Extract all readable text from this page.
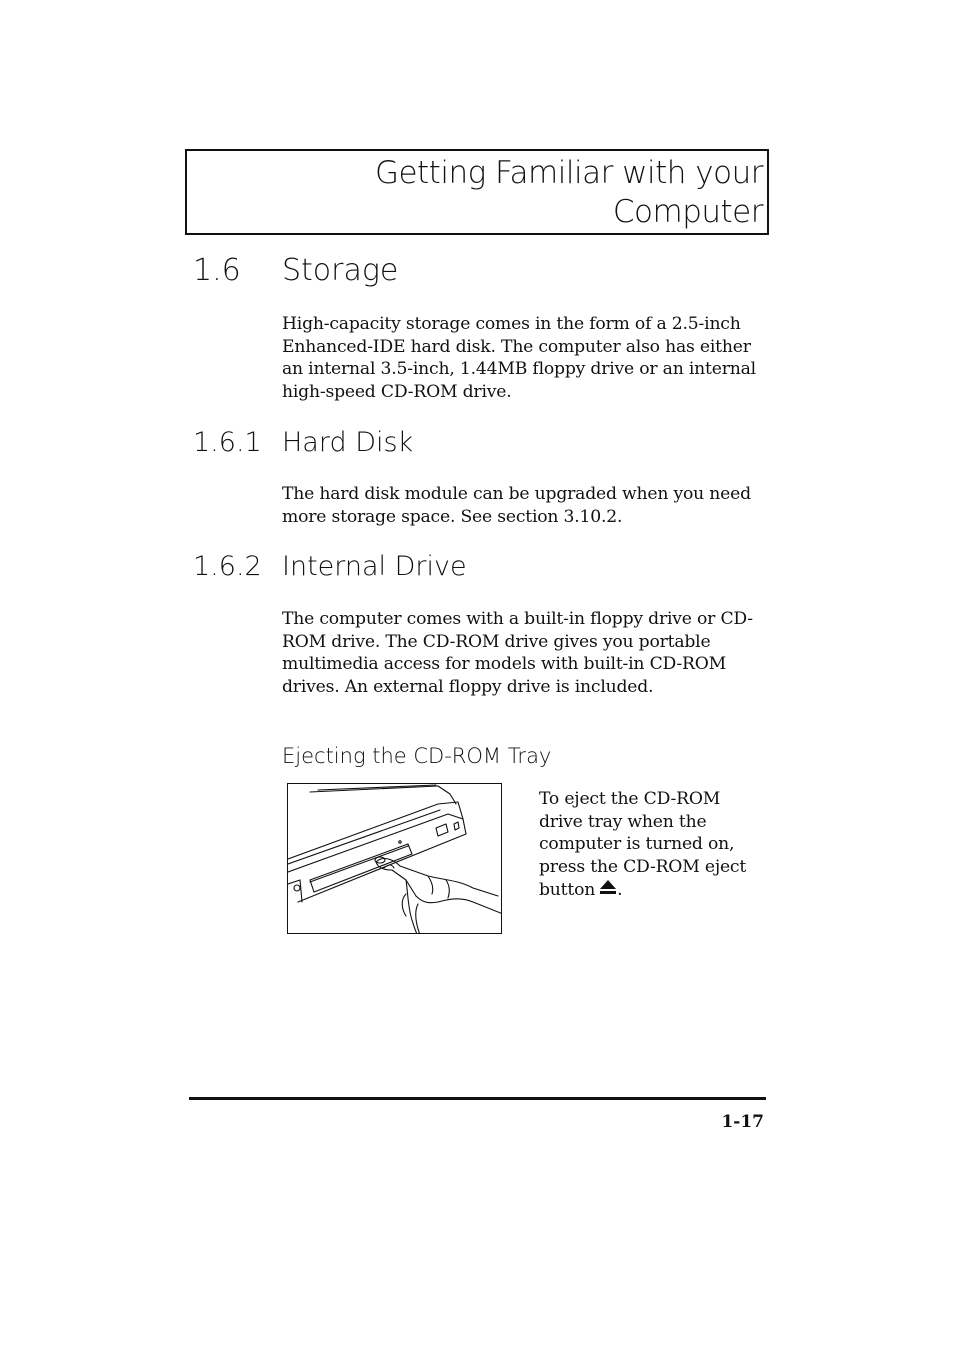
Getting Familiar with your
Computer
1.6 Storage
High-capacity storage comes in the form of a 2.5-inch Enhanced-IDE hard disk. The computer also has either an internal 3.5-inch, 1.44MB floppy drive or an internal high-speed CD-ROM drive.
1.6.1 Hard Disk
The hard disk module can be upgraded when you need more storage space. See section 3.10.2.
1.6.2 Internal Drive
The computer comes with a built-in floppy drive or CD-ROM drive. The CD-ROM drive gives you portable multimedia access for models with built-in CD-ROM drives. An external floppy drive is included.
Ejecting the CD-ROM Tray
To eject the CD-ROM drive tray when the computer is turned on, press the CD-ROM eject button .
1-17
